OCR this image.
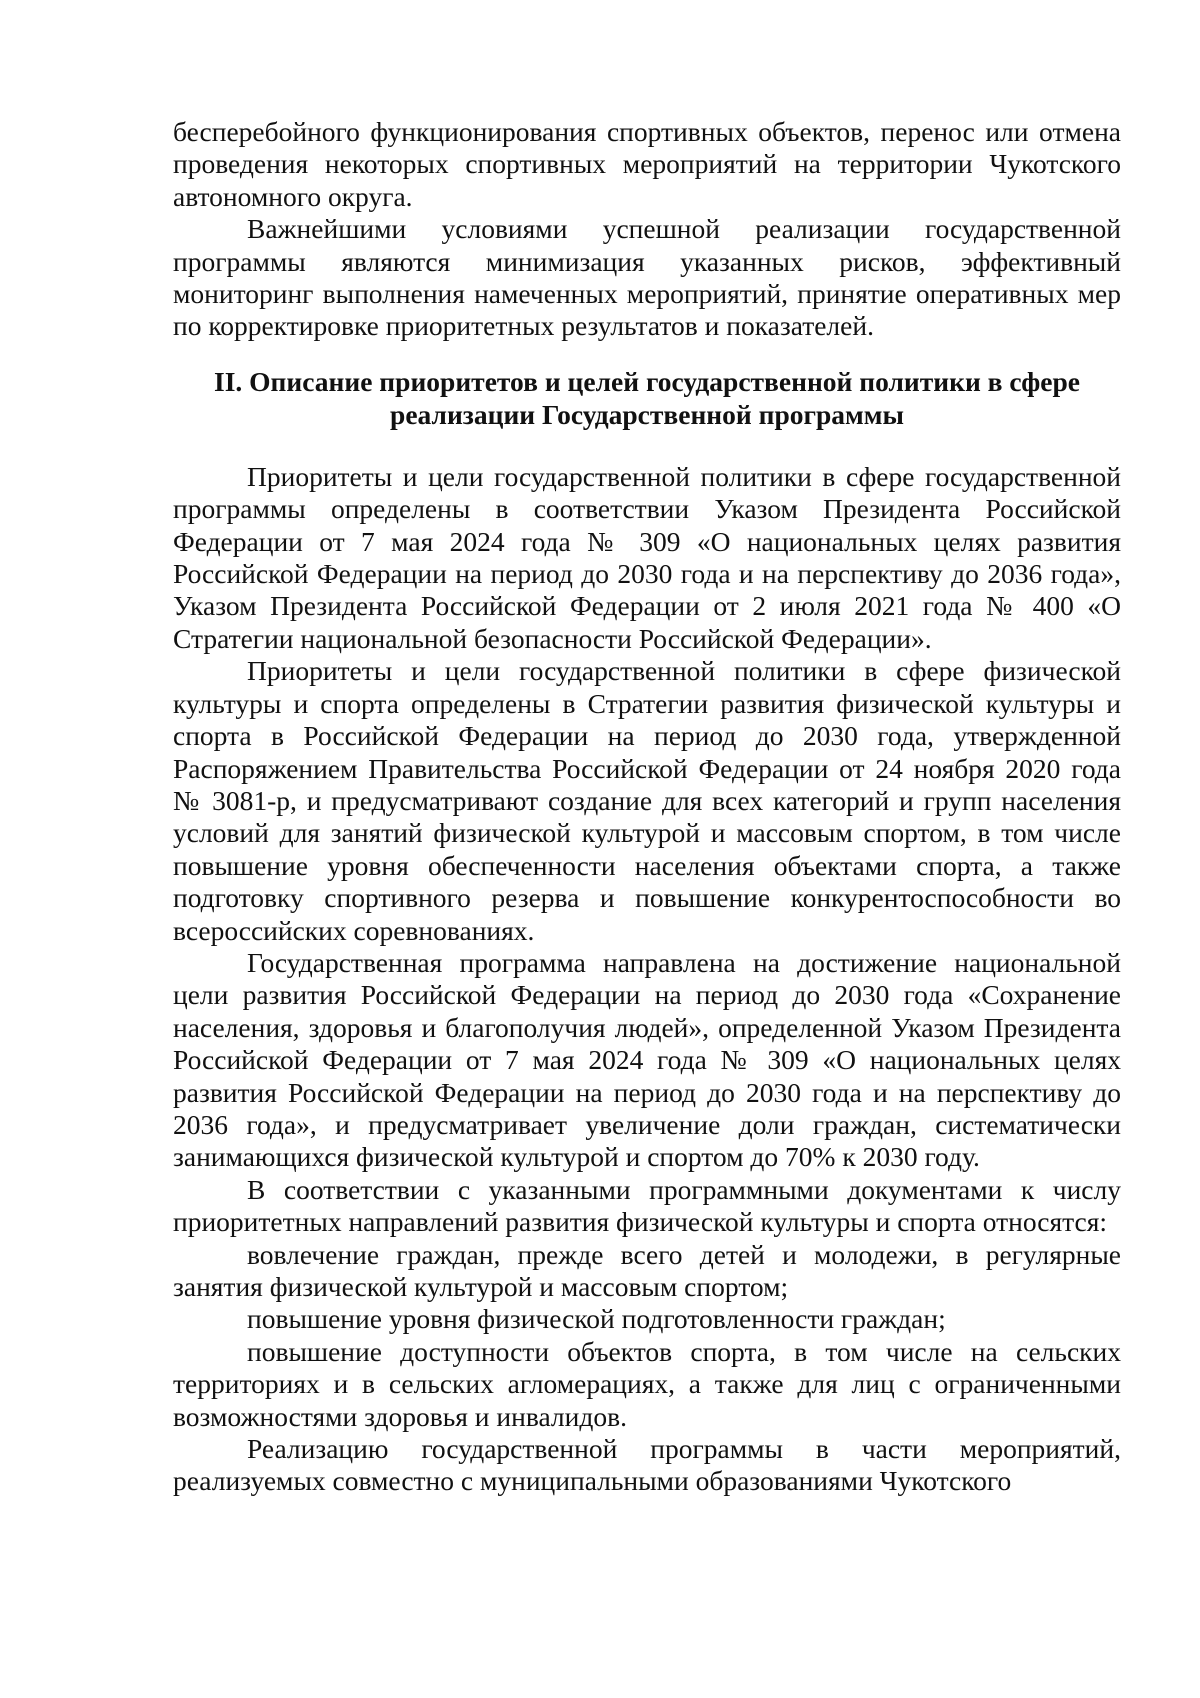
бесперебойного функционирования спортивных объектов, перенос или отмена проведения некоторых спортивных мероприятий на территории Чукотского автономного округа.

Важнейшими условиями успешной реализации государственной программы являются минимизация указанных рисков, эффективный мониторинг выполнения намеченных мероприятий, принятие оперативных мер по корректировке приоритетных результатов и показателей.

II. Описание приоритетов и целей государственной политики в сфере реализации Государственной программы

Приоритеты и цели государственной политики в сфере государственной программы определены в соответствии Указом Президента Российской Федерации от 7 мая 2024 года № 309 «О национальных целях развития Российской Федерации на период до 2030 года и на перспективу до 2036 года», Указом Президента Российской Федерации от 2 июля 2021 года № 400 «О Стратегии национальной безопасности Российской Федерации».

Приоритеты и цели государственной политики в сфере физической культуры и спорта определены в Стратегии развития физической культуры и спорта в Российской Федерации на период до 2030 года, утвержденной Распоряжением Правительства Российской Федерации от 24 ноября 2020 года № 3081-р, и предусматривают создание для всех категорий и групп населения условий для занятий физической культурой и массовым спортом, в том числе повышение уровня обеспеченности населения объектами спорта, а также подготовку спортивного резерва и повышение конкурентоспособности во всероссийских соревнованиях.

Государственная программа направлена на достижение национальной цели развития Российской Федерации на период до 2030 года «Сохранение населения, здоровья и благополучия людей», определенной Указом Президента Российской Федерации от 7 мая 2024 года № 309 «О национальных целях развития Российской Федерации на период до 2030 года и на перспективу до 2036 года», и предусматривает увеличение доли граждан, систематически занимающихся физической культурой и спортом до 70% к 2030 году.

В соответствии с указанными программными документами к числу приоритетных направлений развития физической культуры и спорта относятся:

вовлечение граждан, прежде всего детей и молодежи, в регулярные занятия физической культурой и массовым спортом;

повышение уровня физической подготовленности граждан;

повышение доступности объектов спорта, в том числе на сельских территориях и в сельских агломерациях, а также для лиц с ограниченными возможностями здоровья и инвалидов.

Реализацию государственной программы в части мероприятий, реализуемых совместно с муниципальными образованиями Чукотского
